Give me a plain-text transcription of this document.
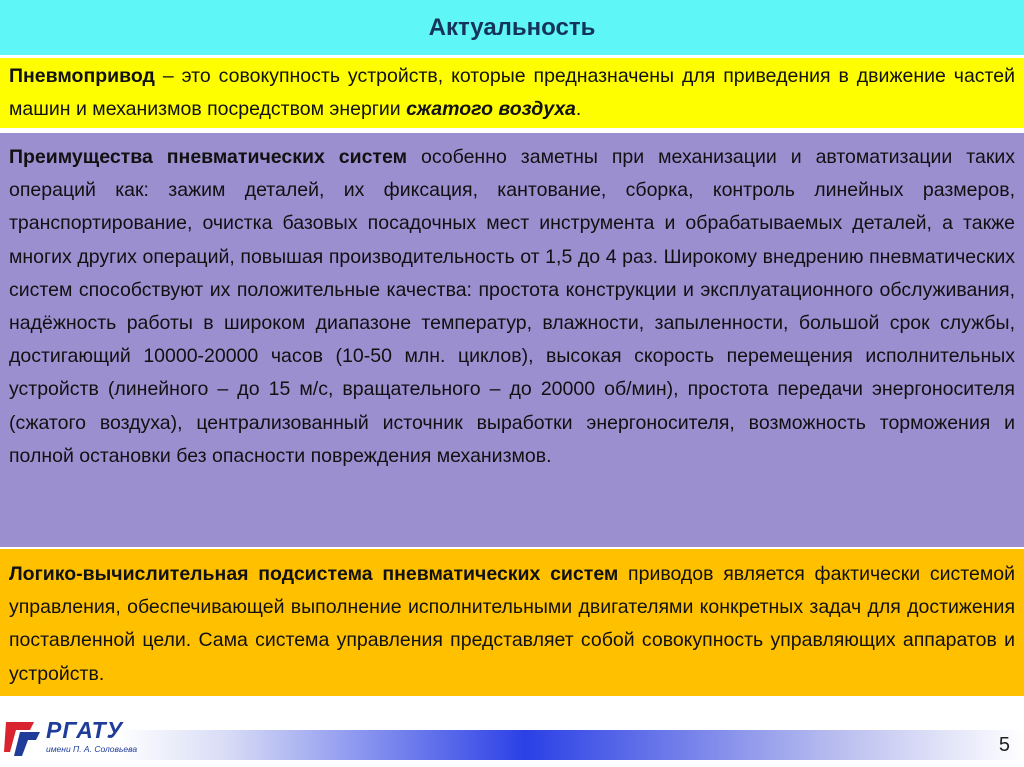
Актуальность
Пневмопривод – это совокупность устройств, которые предназначены для приведения в движение частей машин и механизмов посредством энергии сжатого воздуха.
Преимущества пневматических систем особенно заметны при механизации и автоматизации таких операций как: зажим деталей, их фиксация, кантование, сборка, контроль линейных размеров, транспортирование, очистка базовых посадочных мест инструмента и обрабатываемых деталей, а также многих других операций, повышая производительность от 1,5 до 4 раз. Широкому внедрению пневматических систем способствуют их положительные качества: простота конструкции и эксплуатационного обслуживания, надёжность работы в широком диапазоне температур, влажности, запыленности, большой срок службы, достигающий 10000-20000 часов (10-50 млн. циклов), высокая скорость перемещения исполнительных устройств (линейного – до 15 м/с, вращательного – до 20000 об/мин), простота передачи энергоносителя (сжатого воздуха), централизованный источник выработки энергоносителя, возможность торможения и полной остановки без опасности повреждения механизмов.
Логико-вычислительная подсистема пневматических систем приводов является фактически системой управления, обеспечивающей выполнение исполнительными двигателями конкретных задач для достижения поставленной цели. Сама система управления представляет собой совокупность управляющих аппаратов и устройств.
РГАТУ
имени П. А. Соловьева	5
